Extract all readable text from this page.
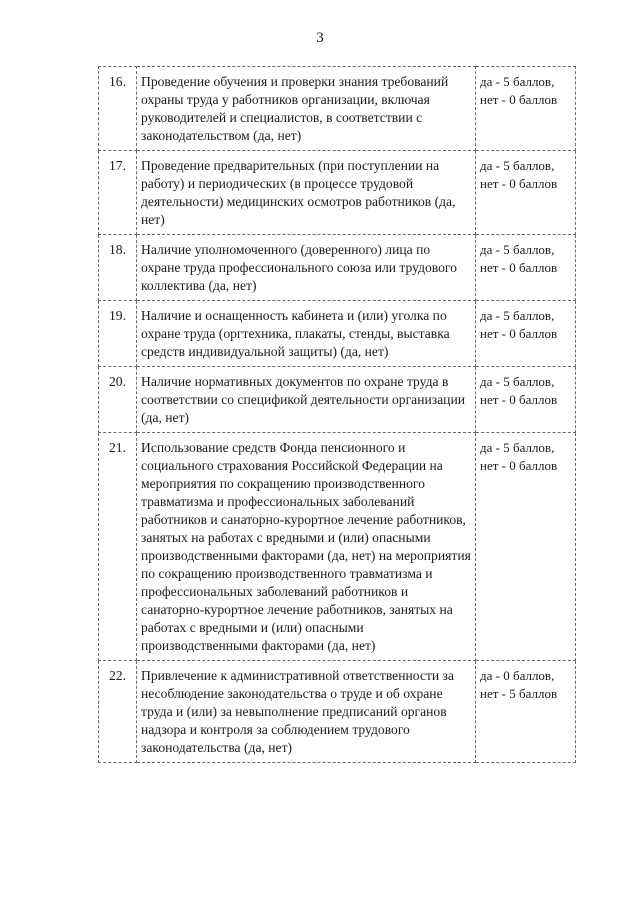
3
16.	Проведение обучения и проверки знания требований охраны труда у работников организации, включая руководителей и специалистов, в соответствии с законодательством (да, нет)	да - 5 баллов,
нет - 0 баллов

17.	Проведение предварительных (при поступлении на работу) и периодических (в процессе трудовой деятельности) медицинских осмотров работников (да, нет)	да - 5 баллов,
нет - 0 баллов

18.	Наличие уполномоченного (доверенного) лица по охране труда профессионального союза или трудового коллектива (да, нет)	да - 5 баллов,
нет - 0 баллов

19.	Наличие и оснащенность кабинета и (или) уголка по охране труда (оргтехника, плакаты, стенды, выставка средств индивидуальной защиты) (да, нет)	да - 5 баллов,
нет - 0 баллов

20.	Наличие нормативных документов по охране труда в соответствии со спецификой деятельности организации (да, нет)	да - 5 баллов,
нет - 0 баллов

21.	Использование средств Фонда пенсионного и социального страхования Российской Федерации на мероприятия по сокращению производственного травматизма и профессиональных заболеваний работников и санаторно-курортное лечение работников, занятых на работах с вредными и (или) опасными производственными факторами (да, нет) на мероприятия по сокращению производственного травматизма и профессиональных заболеваний работников и санаторно-курортное лечение работников, занятых на работах с вредными и (или) опасными производственными факторами (да, нет)	да - 5 баллов,
нет - 0 баллов

22.	Привлечение к административной ответственности за несоблюдение законодательства о труде и об охране труда и (или) за невыполнение предписаний органов надзора и контроля за соблюдением трудового законодательства (да, нет)	да - 0 баллов,
нет - 5 баллов
